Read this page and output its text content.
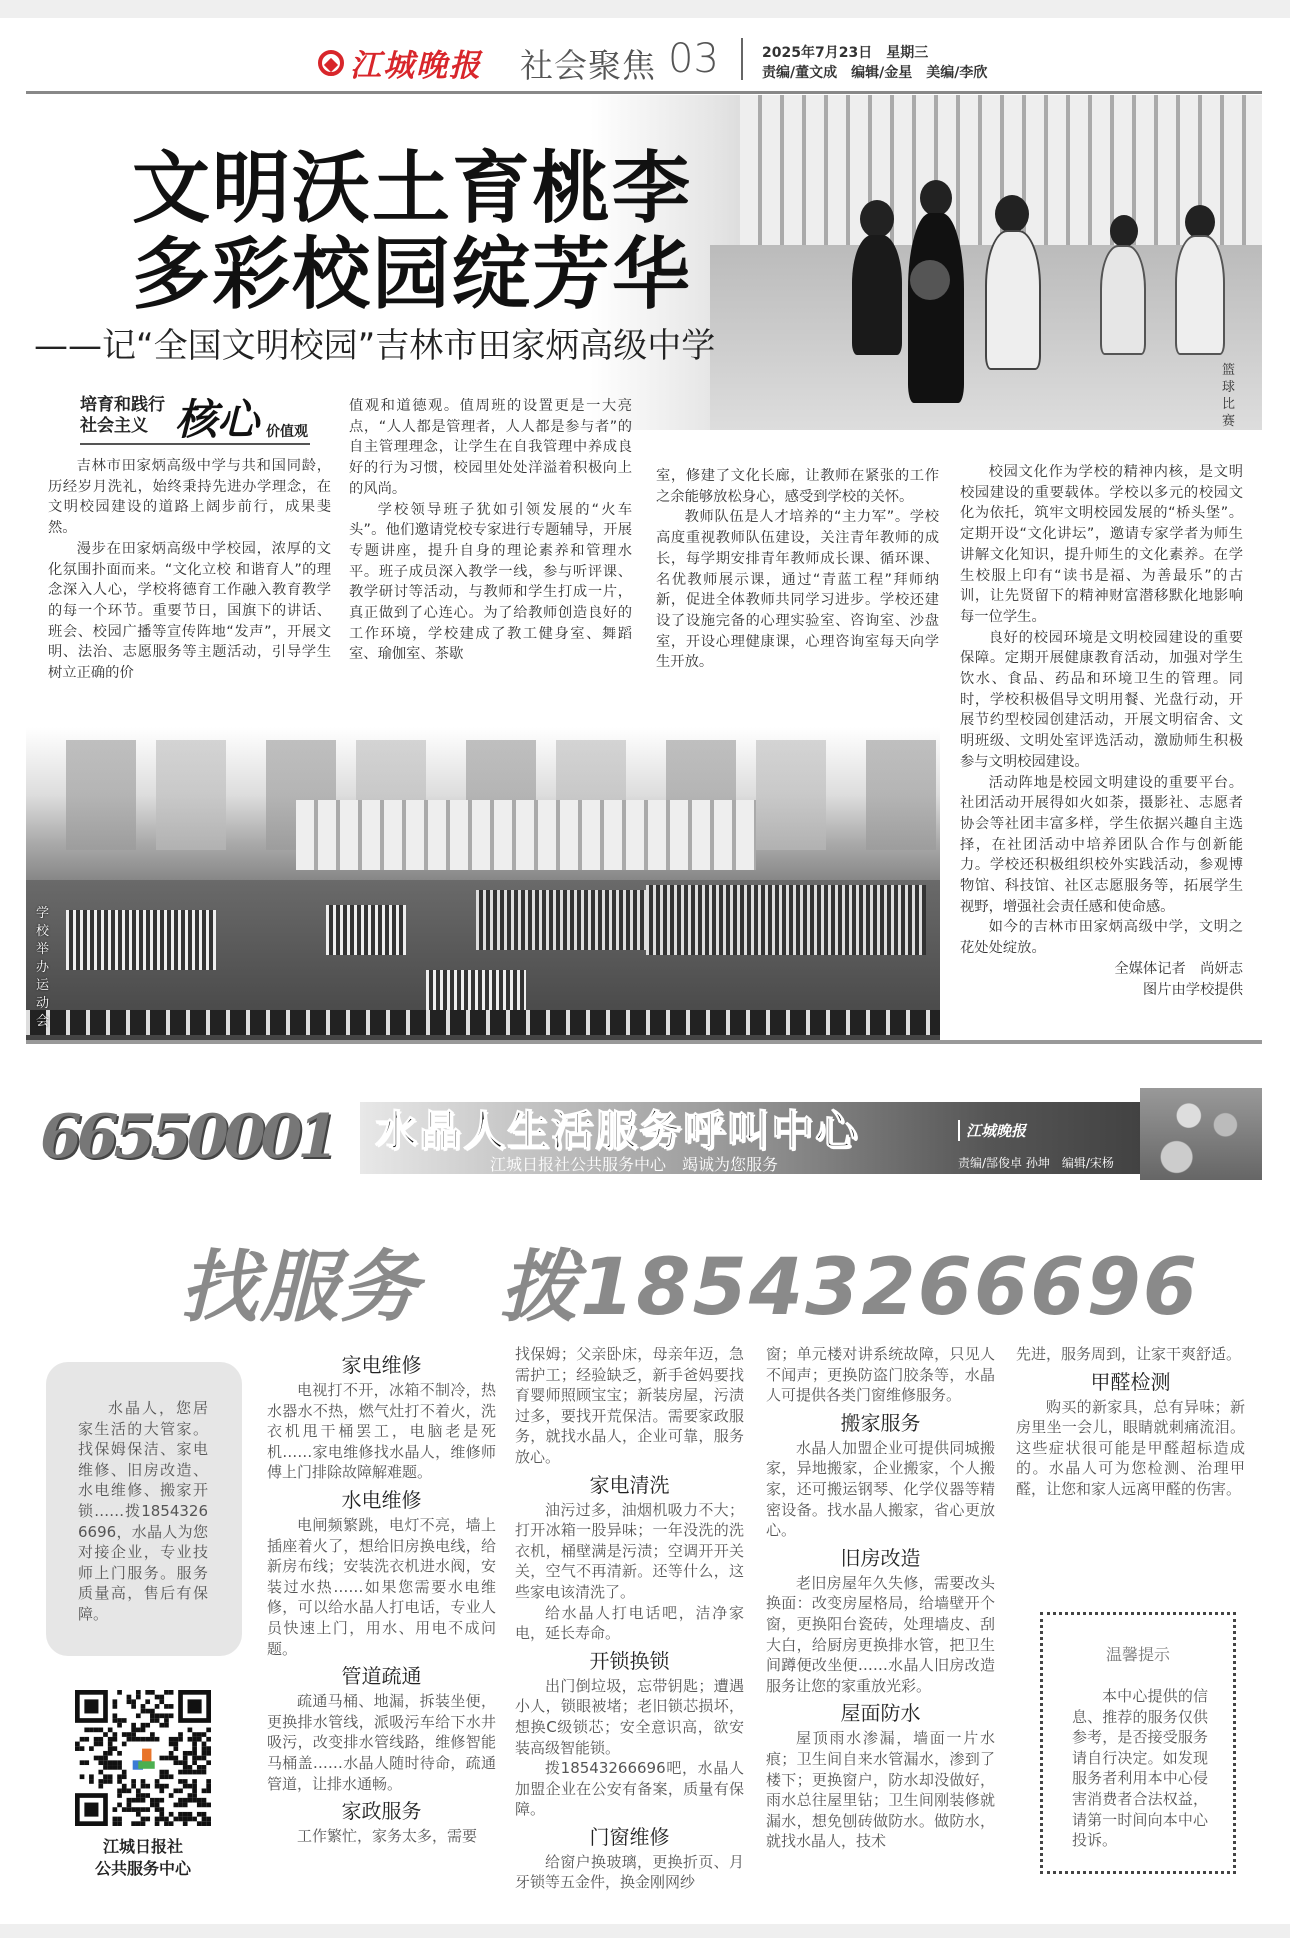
江城晚报 社会聚焦 03	2025年7月23日　星期三
责编/董文成　编辑/金星　美编/李欣
篮球比赛
文明沃土育桃李
多彩校园绽芳华
——记“全国文明校园”吉林市田家炳高级中学
培育和践行
社会主义 核心 价值观

吉林市田家炳高级中学与共和国同龄，历经岁月洗礼，始终秉持先进办学理念，在文明校园建设的道路上阔步前行，成果斐然。

漫步在田家炳高级中学校园，浓厚的文化氛围扑面而来。“文化立校 和谐育人”的理念深入人心，学校将德育工作融入教育教学的每一个环节。重要节日，国旗下的讲话、班会、校园广播等宣传阵地“发声”，开展文明、法治、志愿服务等主题活动，引导学生树立正确的价

值观和道德观。值周班的设置更是一大亮点，“人人都是管理者，人人都是参与者”的自主管理理念，让学生在自我管理中养成良好的行为习惯，校园里处处洋溢着积极向上的风尚。

学校领导班子犹如引领发展的“火车头”。他们邀请党校专家进行专题辅导，开展专题讲座，提升自身的理论素养和管理水平。班子成员深入教学一线，参与听评课、教学研讨等活动，与教师和学生打成一片，真正做到了心连心。为了给教师创造良好的工作环境，学校建成了教工健身室、舞蹈室、瑜伽室、茶歇

室，修建了文化长廊，让教师在紧张的工作之余能够放松身心，感受到学校的关怀。

教师队伍是人才培养的“主力军”。学校高度重视教师队伍建设，关注青年教师的成长，每学期安排青年教师成长课、循环课、名优教师展示课，通过“青蓝工程”拜师纳新，促进全体教师共同学习进步。学校还建设了设施完备的心理实验室、咨询室、沙盘室，开设心理健康课，心理咨询室每天向学生开放。

校园文化作为学校的精神内核，是文明校园建设的重要载体。学校以多元的校园文化为依托，筑牢文明校园发展的“桥头堡”。定期开设“文化讲坛”，邀请专家学者为师生讲解文化知识，提升师生的文化素养。在学生校服上印有“读书是福、为善最乐”的古训，让先贤留下的精神财富潜移默化地影响每一位学生。

良好的校园环境是文明校园建设的重要保障。定期开展健康教育活动，加强对学生饮水、食品、药品和环境卫生的管理。同时，学校积极倡导文明用餐、光盘行动，开展节约型校园创建活动，开展文明宿舍、文明班级、文明处室评选活动，激励师生积极参与文明校园建设。

活动阵地是校园文明建设的重要平台。社团活动开展得如火如荼，摄影社、志愿者协会等社团丰富多样，学生依据兴趣自主选择，在社团活动中培养团队合作与创新能力。学校还积极组织校外实践活动，参观博物馆、科技馆、社区志愿服务等，拓展学生视野，增强社会责任感和使命感。

如今的吉林市田家炳高级中学，文明之花处处绽放。

全媒体记者　尚妍志

图片由学校提供

学校举办运动会
66550001 水晶人生活服务呼叫中心
江城日报社公共服务中心　竭诚为您服务
江城晚报
责编/郜俊卓 孙坤　编辑/宋杨
找服务　拨18543266696
水晶人，您居家生活的大管家。找保姆保洁、家电维修、旧房改造、水电维修、搬家开锁……拨18543266696，水晶人为您对接企业，专业技师上门服务。服务质量高，售后有保障。
江城日报社
公共服务中心
家电维修

电视打不开，冰箱不制冷，热水器水不热，燃气灶打不着火，洗衣机甩干桶罢工，电脑老是死机……家电维修找水晶人，维修师傅上门排除故障解难题。

水电维修

电闸频繁跳，电灯不亮，墙上插座着火了，想给旧房换电线，给新房布线；安装洗衣机进水阀，安装过水热……如果您需要水电维修，可以给水晶人打电话，专业人员快速上门，用水、用电不成问题。

管道疏通

疏通马桶、地漏，拆装坐便，更换排水管线，派吸污车给下水井吸污，改变排水管线路，维修智能马桶盖……水晶人随时待命，疏通管道，让排水通畅。

家政服务

工作繁忙，家务太多，需要

找保姆；父亲卧床，母亲年迈，急需护工；经验缺乏，新手爸妈要找育婴师照顾宝宝；新装房屋，污渍过多，要找开荒保洁。需要家政服务，就找水晶人，企业可靠，服务放心。

家电清洗

油污过多，油烟机吸力不大；打开冰箱一股异味；一年没洗的洗衣机，桶壁满是污渍；空调开开关关，空气不再清新。还等什么，这些家电该清洗了。

给水晶人打电话吧，洁净家电，延长寿命。

开锁换锁

出门倒垃圾，忘带钥匙；遭遇小人，锁眼被堵；老旧锁芯损坏，想换C级锁芯；安全意识高，欲安装高级智能锁。

拨18543266696吧，水晶人加盟企业在公安有备案，质量有保障。

门窗维修

给窗户换玻璃，更换折页、月牙锁等五金件，换金刚网纱

窗；单元楼对讲系统故障，只见人不闻声；更换防盗门胶条等，水晶人可提供各类门窗维修服务。

搬家服务

水晶人加盟企业可提供同城搬家，异地搬家，企业搬家，个人搬家，还可搬运钢琴、化学仪器等精密设备。找水晶人搬家，省心更放心。

旧房改造

老旧房屋年久失修，需要改头换面：改变房屋格局，给墙壁开个窗，更换阳台瓷砖，处理墙皮、刮大白，给厨房更换排水管，把卫生间蹲便改坐便……水晶人旧房改造服务让您的家重放光彩。

屋面防水

屋顶雨水渗漏，墙面一片水痕；卫生间自来水管漏水，渗到了楼下；更换窗户，防水却没做好，雨水总往屋里钻；卫生间刚装修就漏水，想免刨砖做防水。做防水，就找水晶人，技术

先进，服务周到，让家干爽舒适。

甲醛检测

购买的新家具，总有异味；新房里坐一会儿，眼睛就刺痛流泪。这些症状很可能是甲醛超标造成的。水晶人可为您检测、治理甲醛，让您和家人远离甲醛的伤害。

温馨提示
本中心提供的信息、推荐的服务仅供参考，是否接受服务请自行决定。如发现服务者利用本中心侵害消费者合法权益，请第一时间向本中心投诉。
